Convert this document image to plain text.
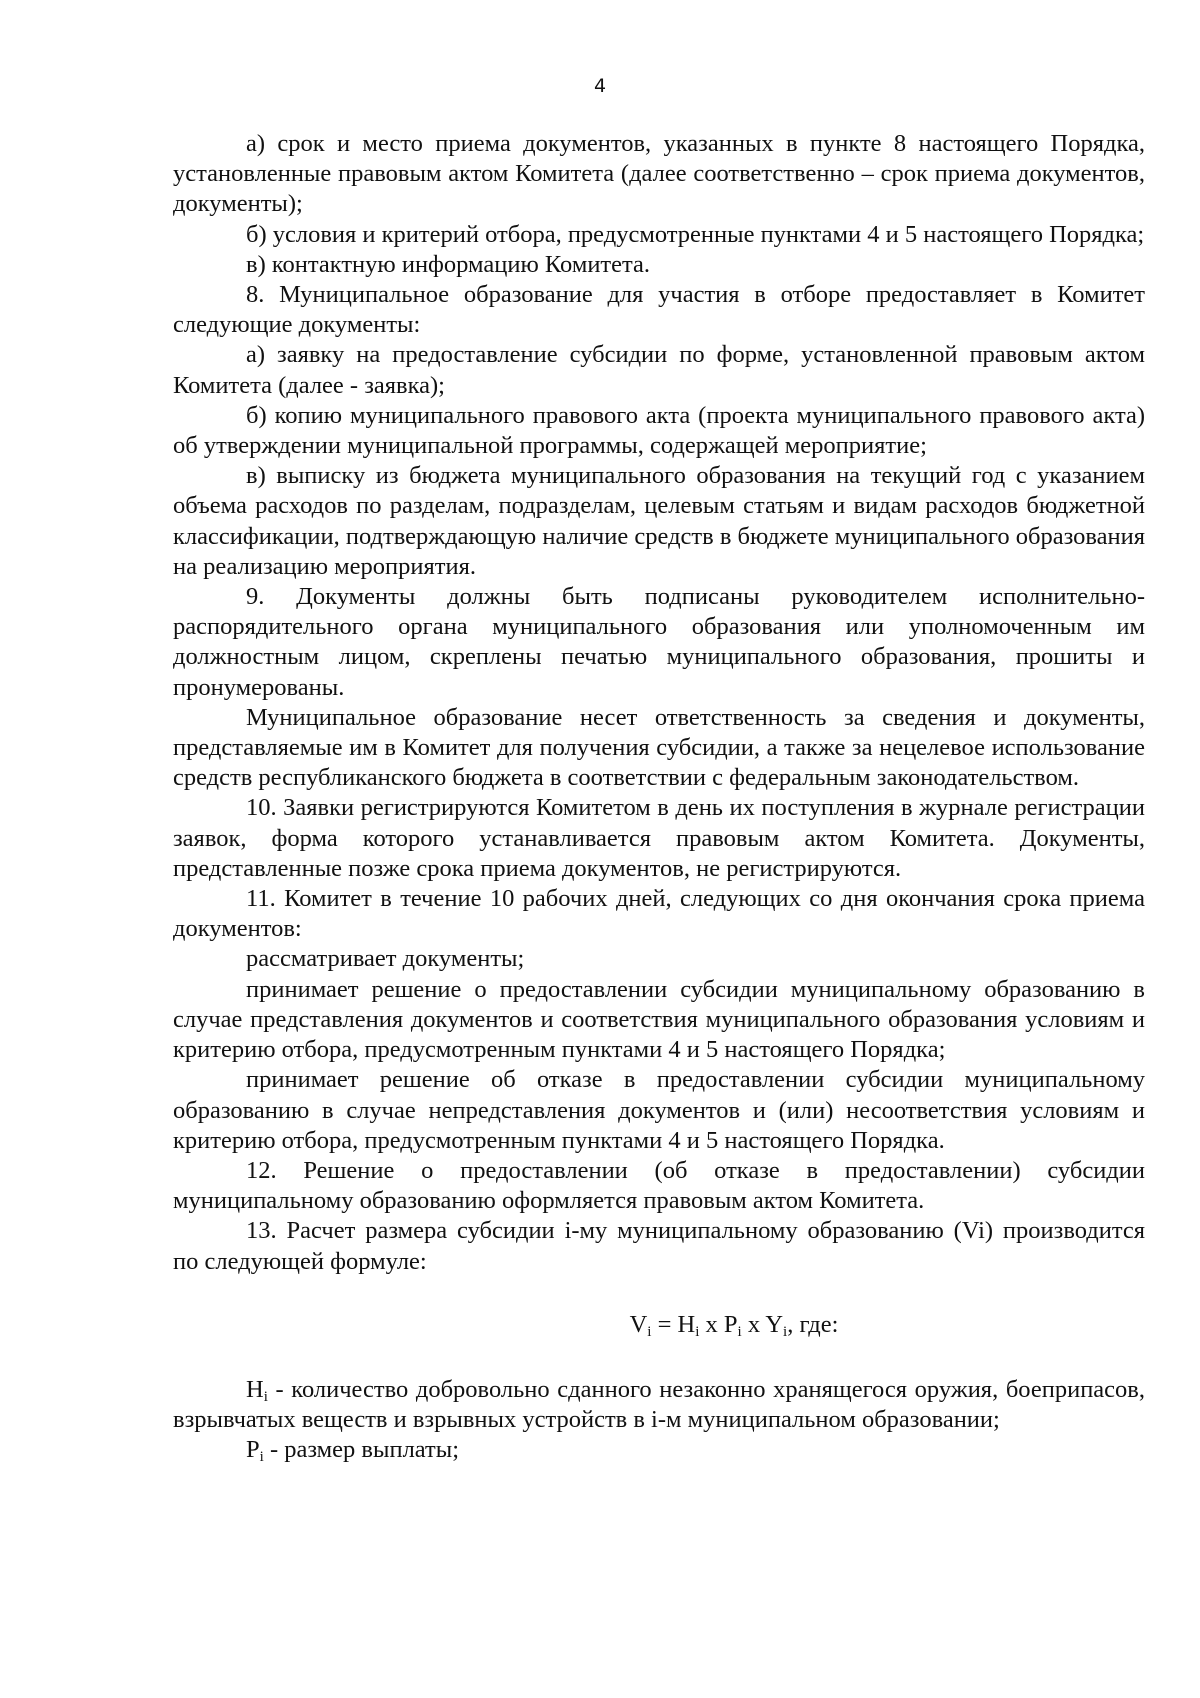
4

а) срок и место приема документов, указанных в пункте 8 настоящего Порядка, установленные правовым актом Комитета (далее соответственно – срок приема документов, документы);

б) условия и критерий отбора, предусмотренные пунктами 4 и 5 настоящего Порядка;

в) контактную информацию Комитета.

8. Муниципальное образование для участия в отборе предоставляет в Комитет следующие документы:

а) заявку на предоставление субсидии по форме, установленной правовым актом Комитета (далее - заявка);

б) копию муниципального правового акта (проекта муниципального правового акта) об утверждении муниципальной программы, содержащей мероприятие;

в) выписку из бюджета муниципального образования на текущий год с указанием объема расходов по разделам, подразделам, целевым статьям и видам расходов бюджетной классификации, подтверждающую наличие средств в бюджете муниципального образования на реализацию мероприятия.

9. Документы должны быть подписаны руководителем исполнительно-распорядительного органа муниципального образования или уполномоченным им должностным лицом, скреплены печатью муниципального образования, прошиты и пронумерованы.

Муниципальное образование несет ответственность за сведения и документы, представляемые им в Комитет для получения субсидии, а также за нецелевое использование средств республиканского бюджета в соответствии с федеральным законодательством.

10. Заявки регистрируются Комитетом в день их поступления в журнале регистрации заявок, форма которого устанавливается правовым актом Комитета. Документы, представленные позже срока приема документов, не регистрируются.

11. Комитет в течение 10 рабочих дней, следующих со дня окончания срока приема документов:

рассматривает документы;

принимает решение о предоставлении субсидии муниципальному образованию в случае представления документов и соответствия муниципального образования условиям и критерию отбора, предусмотренным пунктами 4 и 5 настоящего Порядка;

принимает решение об отказе в предоставлении субсидии муниципальному образованию в случае непредставления документов и (или) несоответствия условиям и критерию отбора, предусмотренным пунктами 4 и 5 настоящего Порядка.

12. Решение о предоставлении (об отказе в предоставлении) субсидии муниципальному образованию оформляется правовым актом Комитета.

13. Расчет размера субсидии i-му муниципальному образованию (Vi) производится по следующей формуле:

$V_i = H_i$ x $P_i$ x $Y_i$, где:

$H_i$ - количество добровольно сданного незаконно хранящегося оружия, боеприпасов, взрывчатых веществ и взрывных устройств в i-м муниципальном образовании;

$P_i$ - размер выплаты;
